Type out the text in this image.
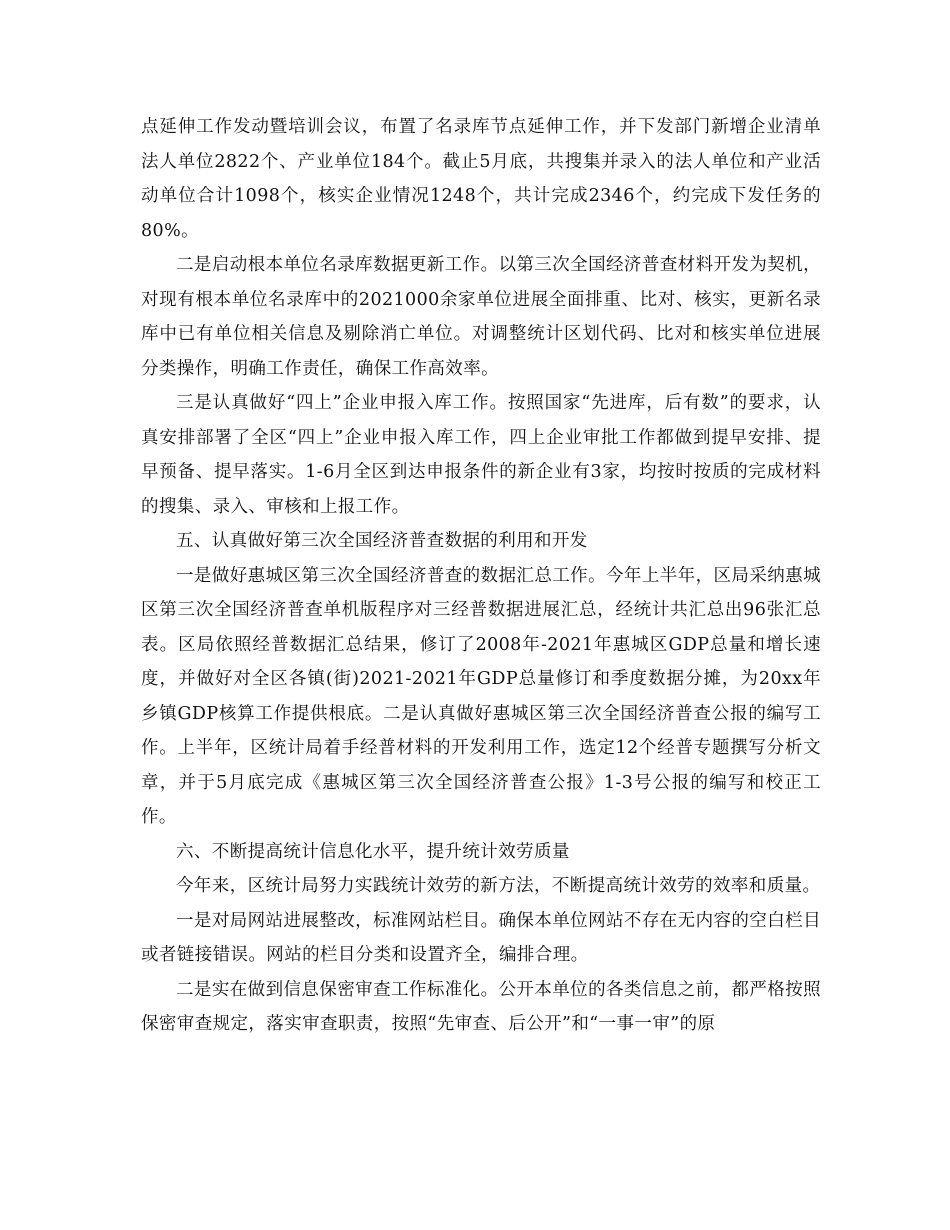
点延伸工作发动暨培训会议，布置了名录库节点延伸工作，并下发部门新增企业清单法人单位2822个、产业单位184个。截止5月底，共搜集并录入的法人单位和产业活动单位合计1098个，核实企业情况1248个，共计完成2346个，约完成下发任务的80%。

二是启动根本单位名录库数据更新工作。以第三次全国经济普查材料开发为契机，对现有根本单位名录库中的2021000余家单位进展全面排重、比对、核实，更新名录库中已有单位相关信息及剔除消亡单位。对调整统计区划代码、比对和核实单位进展分类操作，明确工作责任，确保工作高效率。

三是认真做好“四上”企业申报入库工作。按照国家“先进库，后有数”的要求，认真安排部署了全区“四上”企业申报入库工作，四上企业审批工作都做到提早安排、提早预备、提早落实。1-6月全区到达申报条件的新企业有3家，均按时按质的完成材料的搜集、录入、审核和上报工作。

五、认真做好第三次全国经济普查数据的利用和开发

一是做好惠城区第三次全国经济普查的数据汇总工作。今年上半年，区局采纳惠城区第三次全国经济普查单机版程序对三经普数据进展汇总，经统计共汇总出96张汇总表。区局依照经普数据汇总结果，修订了2008年-2021年惠城区GDP总量和增长速度，并做好对全区各镇(街)2021-2021年GDP总量修订和季度数据分摊，为20xx年乡镇GDP核算工作提供根底。二是认真做好惠城区第三次全国经济普查公报的编写工作。上半年，区统计局着手经普材料的开发利用工作，选定12个经普专题撰写分析文章，并于5月底完成《惠城区第三次全国经济普查公报》1-3号公报的编写和校正工作。

六、不断提高统计信息化水平，提升统计效劳质量

今年来，区统计局努力实践统计效劳的新方法，不断提高统计效劳的效率和质量。

一是对局网站进展整改，标准网站栏目。确保本单位网站不存在无内容的空白栏目或者链接错误。网站的栏目分类和设置齐全，编排合理。

二是实在做到信息保密审查工作标准化。公开本单位的各类信息之前，都严格按照保密审查规定，落实审查职责，按照“先审查、后公开”和“一事一审”的原
